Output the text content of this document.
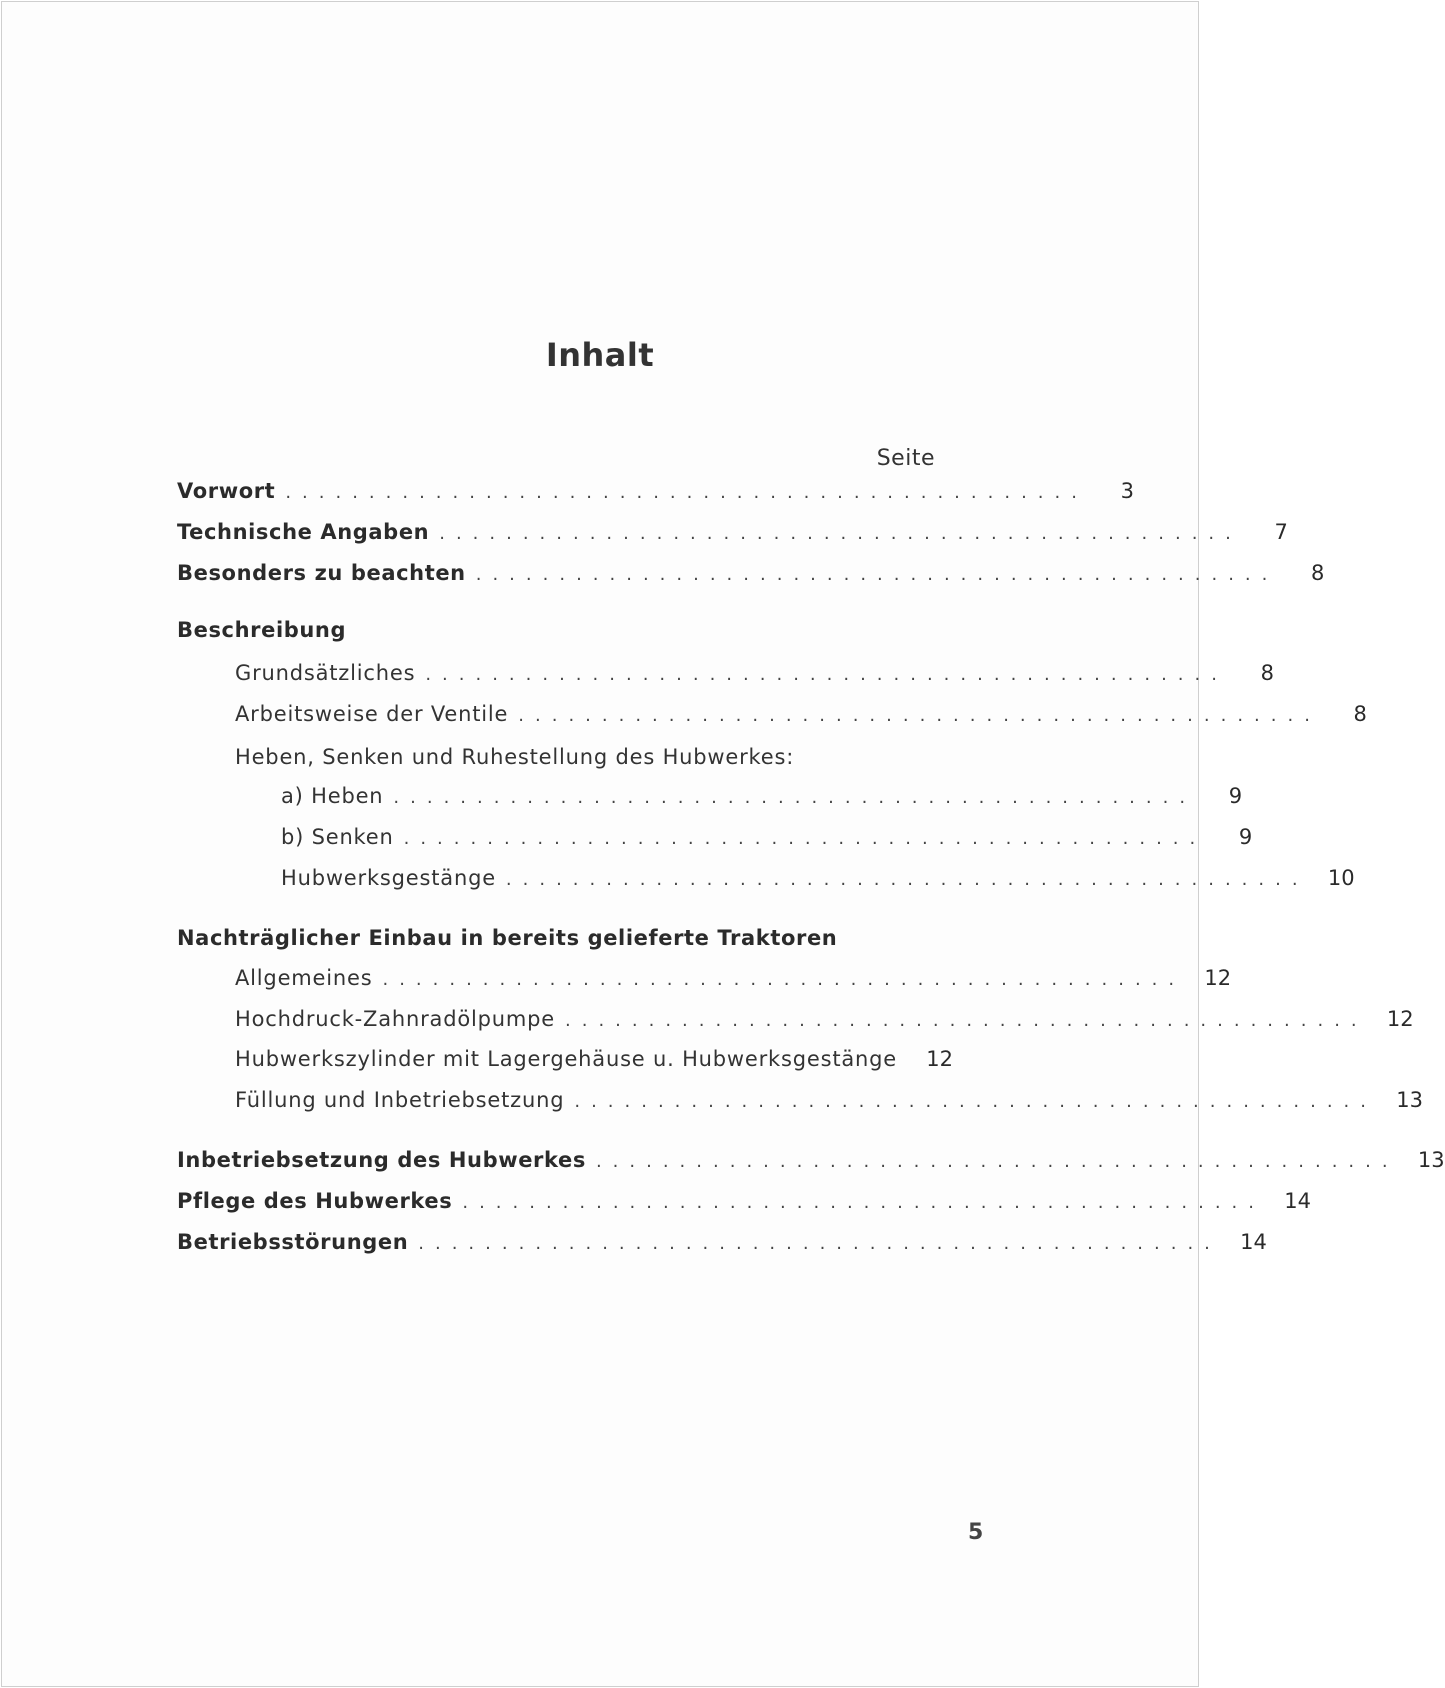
Inhalt
Seite
Vorwort ................................................	3
Technische Angaben ................................................	7
Besonders zu beachten ................................................	8
Beschreibung
Grundsätzliches ................................................	8
Arbeitsweise der Ventile ................................................	8
Heben, Senken und Ruhestellung des Hubwerkes:
a) Heben ................................................	9
b) Senken ................................................	9
Hubwerksgestänge ................................................ 10
Nachträglicher Einbau in bereits gelieferte Traktoren
Allgemeines ................................................ 12
Hochdruck-Zahnradölpumpe ................................................ 12
Hubwerkszylinder mit Lagergehäuse u. Hubwerksgestänge	12
Füllung und Inbetriebsetzung ................................................ 13
Inbetriebsetzung des Hubwerkes ................................................ 13
Pflege des Hubwerkes ................................................ 14
Betriebsstörungen ................................................ 14
5
